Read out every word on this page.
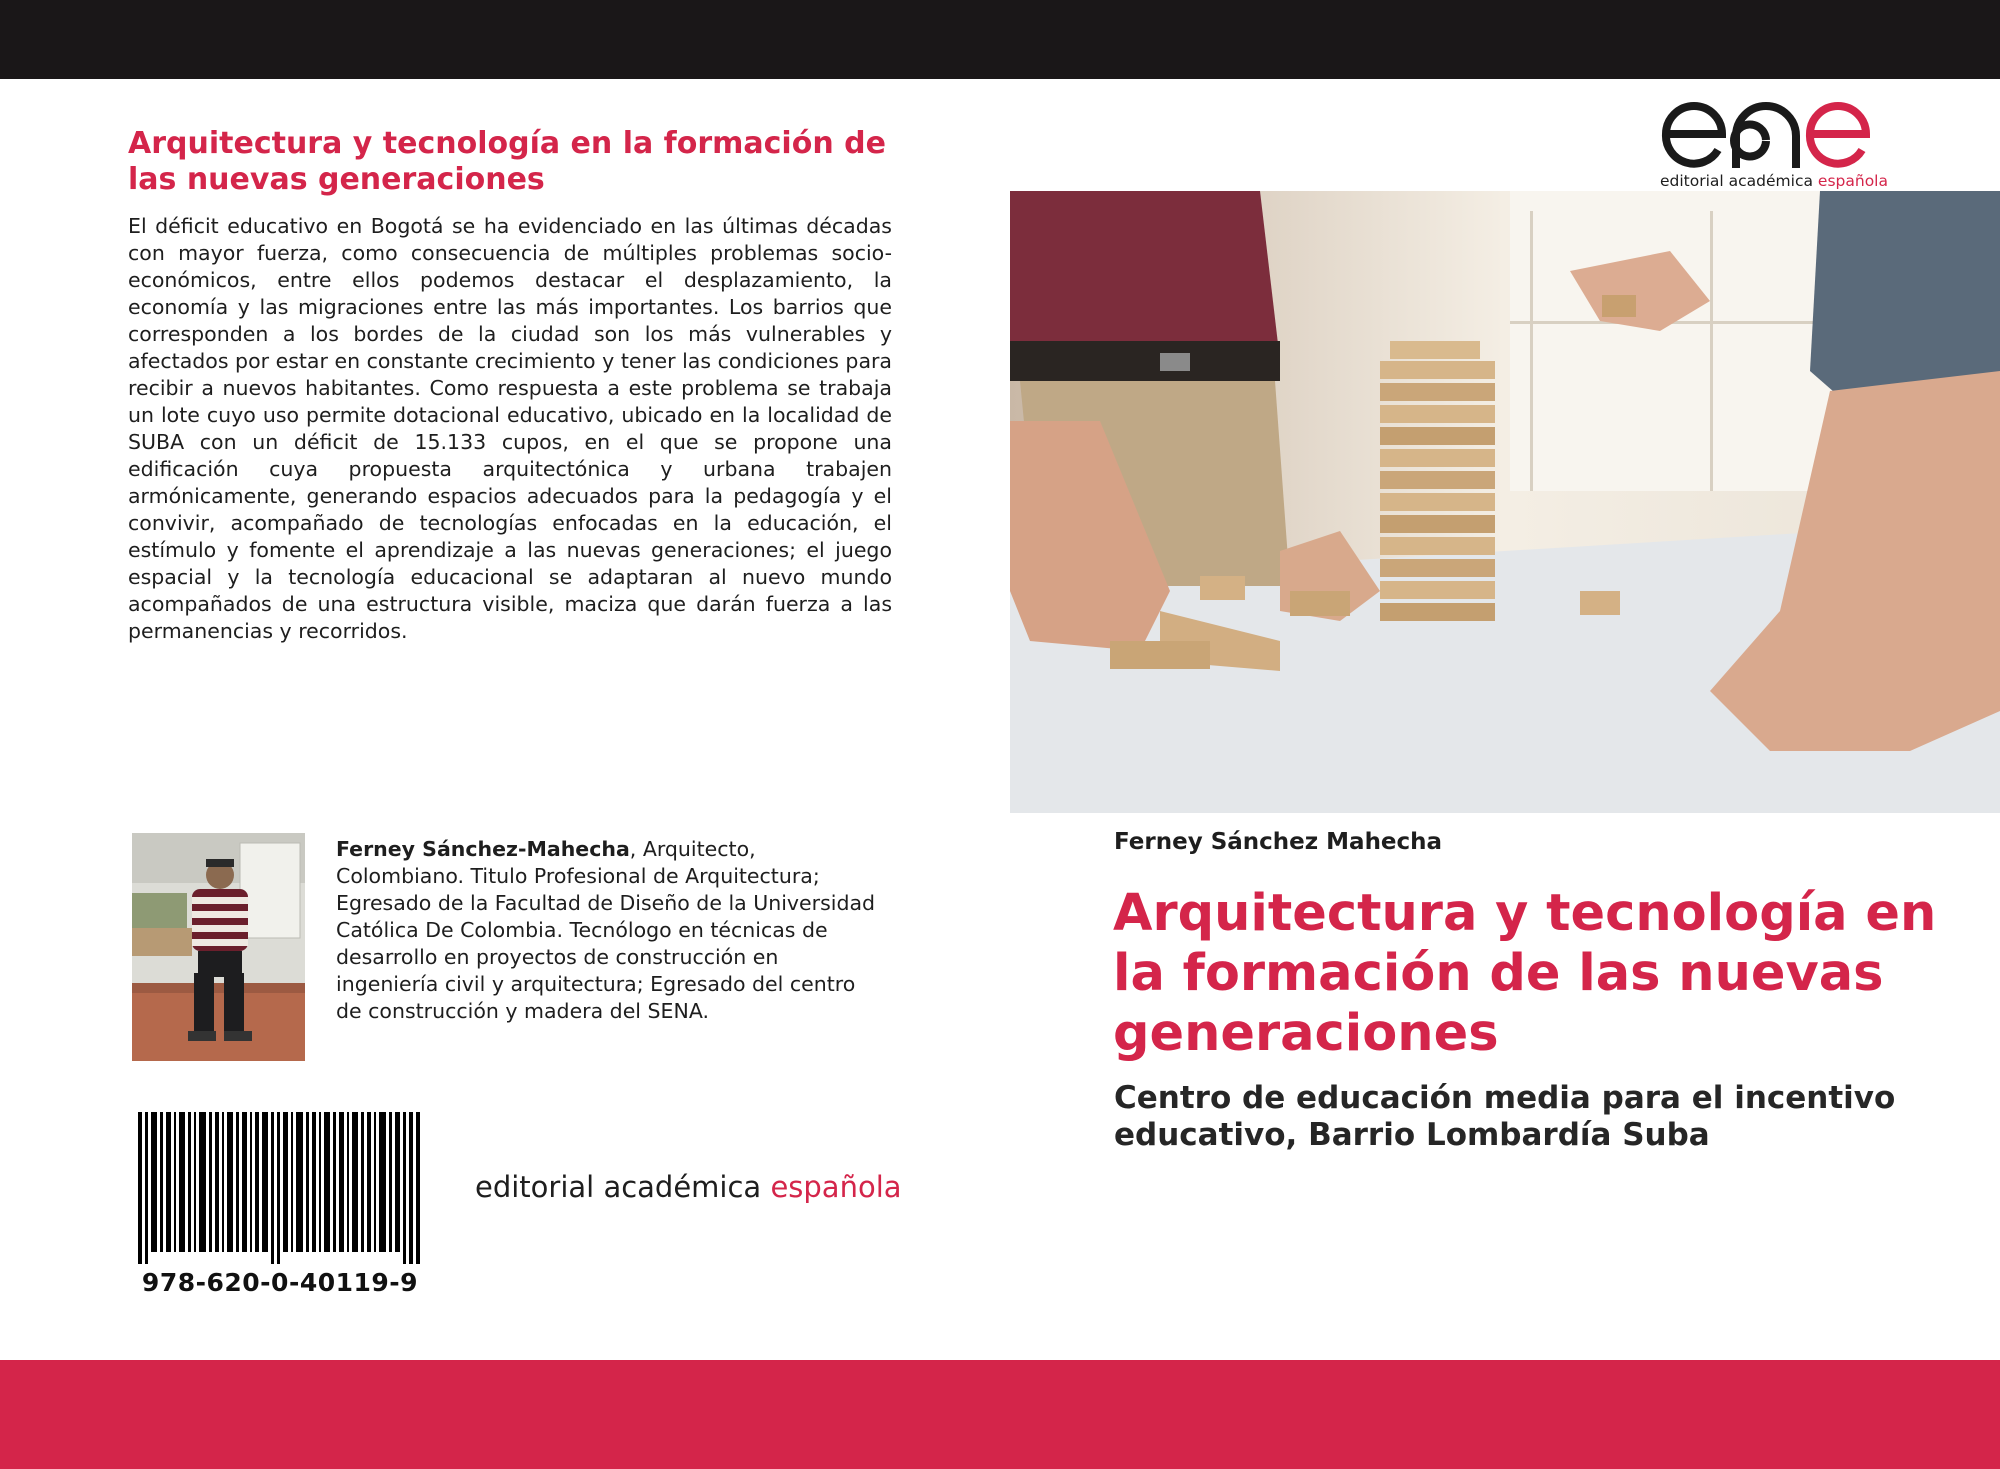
Arquitectura y tecnología en la formación de las nuevas generaciones
El déficit educativo en Bogotá se ha evidenciado en las últimas décadas con mayor fuerza, como consecuencia de múltiples problemas socio-económicos, entre ellos podemos destacar el desplazamiento, la economía y las migraciones entre las más importantes. Los barrios que corresponden a los bordes de la ciudad son los más vulnerables y afectados por estar en constante crecimiento y tener las condiciones para recibir a nuevos habitantes. Como respuesta a este problema se trabaja un lote cuyo uso permite dotacional educativo, ubicado en la localidad de SUBA con un déficit de 15.133 cupos, en el que se propone una edificación cuya propuesta arquitectónica y urbana trabajen armónicamente, generando espacios adecuados para la pedagogía y el convivir, acompañado de tecnologías enfocadas en la educación, el estímulo y fomente el aprendizaje a las nuevas generaciones; el juego espacial y la tecnología educacional se adaptaran al nuevo mundo acompañados de una estructura visible, maciza que darán fuerza a las permanencias y recorridos.
Ferney Sánchez-Mahecha, Arquitecto, Colombiano. Titulo Profesional de Arquitectura; Egresado de la Facultad de Diseño de la Universidad Católica De Colombia. Tecnólogo en técnicas de desarrollo en proyectos de construcción en ingeniería civil y arquitectura; Egresado del centro de construcción y madera del SENA.
978-620-0-40119-9
editorial académica española
editorial académica española
Ferney Sánchez Mahecha
Arquitectura y tecnología en la formación de las nuevas generaciones
Centro de educación media para el incentivo educativo, Barrio Lombardía Suba
